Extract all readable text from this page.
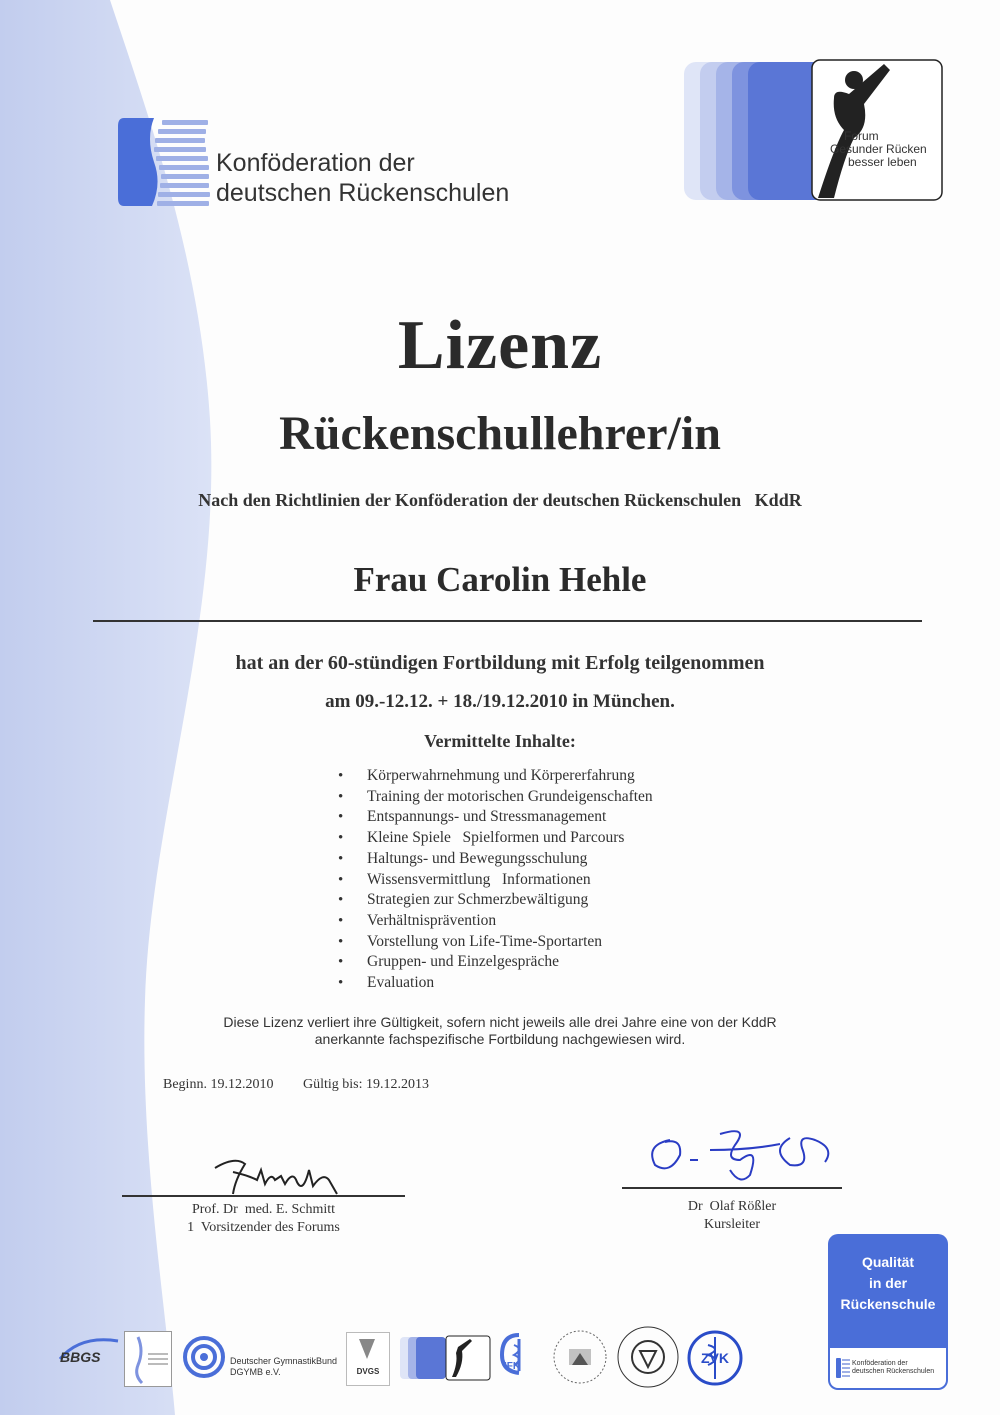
Konföderation der
deutschen Rückenschulen
Forum
Gesunder Rücken
besser leben
Lizenz
Rückenschullehrer/in
Nach den Richtlinien der Konföderation der deutschen Rückenschulen   KddR
Frau Carolin Hehle
hat an der 60-stündigen Fortbildung mit Erfolg teilgenommen
am 09.-12.12. + 18./19.12.2010 in München.
Vermittelte Inhalte:
• Körperwahrnehmung und Körpererfahrung
• Training der motorischen Grundeigenschaften
• Entspannungs- und Stressmanagement
• Kleine Spiele   Spielformen und Parcours
• Haltungs- und Bewegungsschulung
• Wissensvermittlung   Informationen
• Strategien zur Schmerzbewältigung
• Verhältnisprävention
• Vorstellung von Life-Time-Sportarten
• Gruppen- und Einzelgespräche
• Evaluation
Diese Lizenz verliert ihre Gültigkeit, sofern nicht jeweils alle drei Jahre eine von der KddR
anerkannte fachspezifische Fortbildung nachgewiesen wird.
Beginn. 19.12.2010 Gültig bis: 19.12.2013
Prof. Dr  med. E. Schmitt
1  Vorsitzender des Forums
Dr  Olaf Rößler
Kursleiter
Qualität
in der
Rückenschule
Konföderation der
deutschen Rückenschulen
BBGS	Deutscher GymnastikBund
DGYMB e.V.	DVGS	IFK
ZVK
